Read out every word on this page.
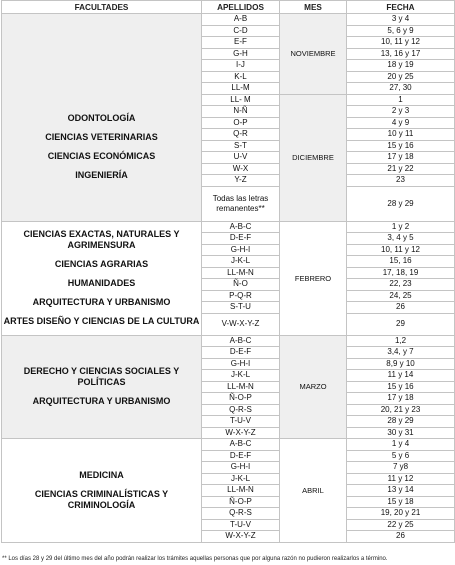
FACULTADES	APELLIDOS	MES	FECHA

ODONTOLOGÍA
CIENCIAS VETERINARIAS
CIENCIAS ECONÓMICAS
INGENIERÍA	A-B	NOVIEMBRE	3 y 4
	C-D		5, 6 y 9
	E-F		10, 11 y 12
	G-H		13, 16 y 17
	I-J		18 y 19
	K-L		20 y 25
	LL-M		27, 30
	LL- M	DICIEMBRE	1
	N-Ñ		2 y 3
	O-P		4 y 9
	Q-R		10 y 11
	S-T		15 y 16
	U-V		17 y 18
	W-X		21 y 22
	Y-Z		23
	Todas las letras remanentes**		28 y 29

CIENCIAS EXACTAS, NATURALES Y AGRIMENSURA
CIENCIAS AGRARIAS
HUMANIDADES
ARQUITECTURA Y URBANISMO
ARTES DISEÑO Y CIENCIAS DE LA CULTURA	A-B-C	FEBRERO	1 y 2
	D-E-F		3, 4 y 5
	G-H-I		10, 11 y 12
	J-K-L		15, 16
	LL-M-N		17, 18, 19
	Ñ-O		22, 23
	P-Q-R		24, 25
	S-T-U		26
	V-W-X-Y-Z		29

DERECHO Y CIENCIAS SOCIALES Y POLÍTICAS
ARQUITECTURA Y URBANISMO	A-B-C	MARZO	1,2
	D-E-F		3,4, y 7
	G-H-I		8,9 y 10
	J-K-L		11 y 14
	LL-M-N		15 y 16
	Ñ-O-P		17 y 18
	Q-R-S		20, 21 y 23
	T-U-V		28 y 29
	W-X-Y-Z		30 y 31

MEDICINA
CIENCIAS CRIMINALÍSTICAS Y CRIMINOLOGÍA	A-B-C	ABRIL	1 y 4
	D-E-F		5 y 6
	G-H-I		7 y8
	J-K-L		11 y 12
	LL-M-N		13 y 14
	Ñ-O-P		15 y 18
	Q-R-S		19, 20 y 21
	T-U-V		22 y 25
	W-X-Y-Z		26
** Los días 28 y 29 del último mes del año podrán realizar los trámites aquellas personas que por alguna razón no pudieron realizarlos a término.
